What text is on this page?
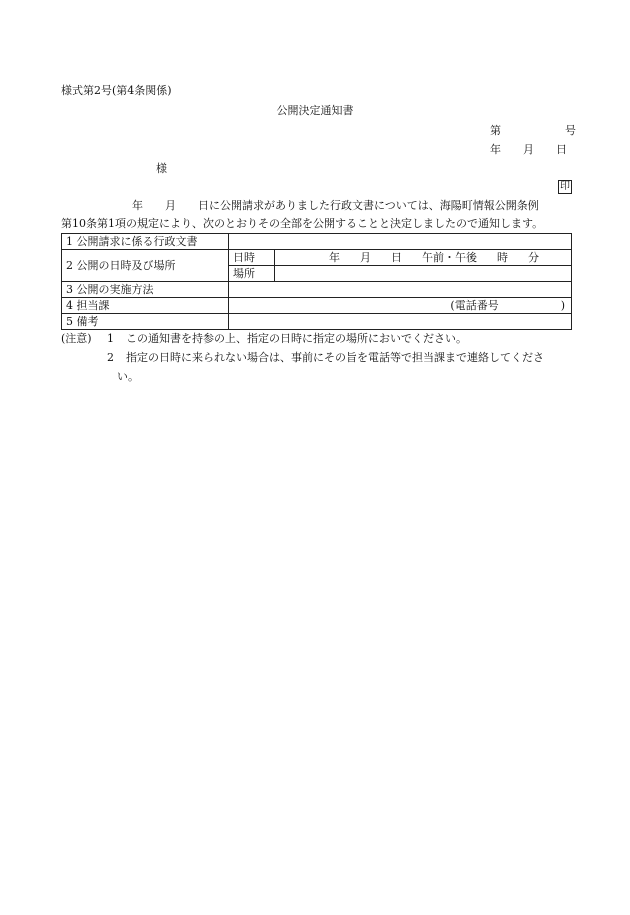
様式第2号(第4条関係)
公開決定通知書
第	号
年 月 日
様
印
年 月 日に公開請求がありました行政文書については、海陽町情報公開条例
第10条第1項の規定により、次のとおりその全部を公開することと決定しましたので通知します。
1 公開請求に係る行政文書		
2 公開の日時及び場所	日時	年 月 日 午前・午後 時 分

	場所	
3 公開の実施方法		
4 担当課	(電話番号 )	
5 備考		
(注意) 1 この通知書を持参の上、指定の日時に指定の場所においでください。
2 指定の日時に来られない場合は、事前にその旨を電話等で担当課まで連絡してくださ
い。
